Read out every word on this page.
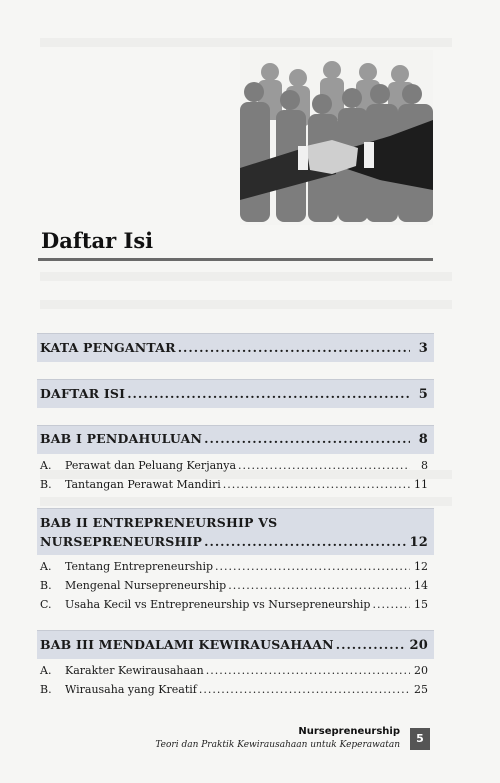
Daftar Isi
KATA PENGANTAR .....	3
DAFTAR ISI .....	5
BAB I PENDAHULUAN .....	8
A.	Perawat dan Peluang Kerjanya .....	8
B.	Tantangan Perawat Mandiri .....	11
BAB II ENTREPRENEURSHIP VS
NURSEPRENEURSHIP .....	12
A.	Tentang Entrepreneurship .....	12
B.	Mengenal Nursepreneurship .....	14
C.	Usaha Kecil vs Entrepreneurship vs Nursepreneurship .....	15
BAB III MENDALAMI KEWIRAUSAHAAN .....	20
A.	Karakter Kewirausahaan .....	20
B.	Wirausaha yang Kreatif .....	25
Nursepreneurship
Teori dan Praktik Kewirausahaan untuk Keperawatan	5
